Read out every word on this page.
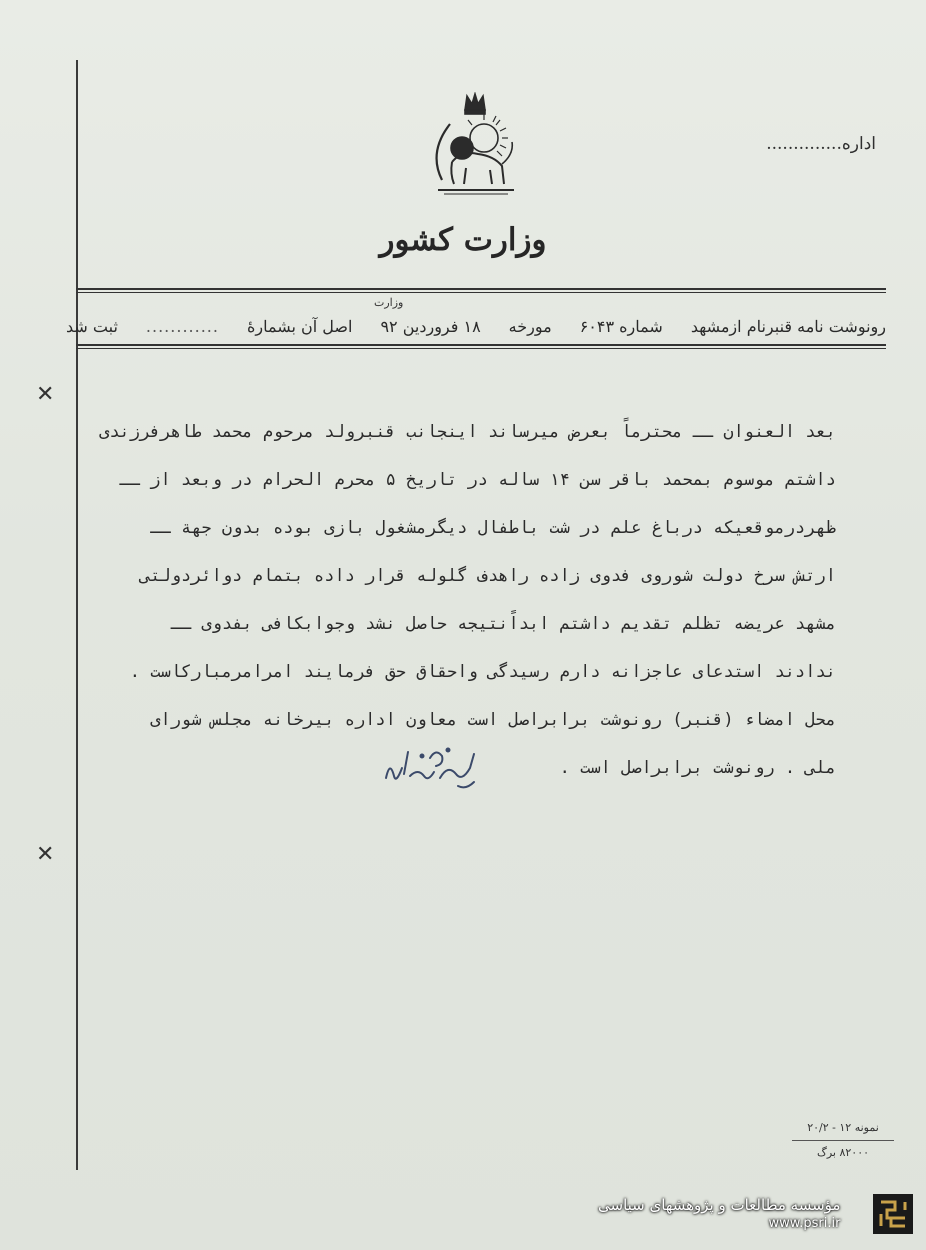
✕
✕
اداره..............
وزارت کشور
وزارت
رونوشت نامه قنبرنام ازمشهد
شماره ۶۰۴۳
مورخه
۱۸ فروردین ۹۲
اصل آن بشمارهٔ
............
ثبت شد
بعد العنوان ــ محترماً بعرض میرساند اینجانب قنبرولد مرحوم محمد طاهرفرزندی
داشتم موسوم بمحمد باقر سن ۱۴ ساله در تاریخ ۵ محرم الحرام در وبعد از ــ
ظهردرموقعیکه درباغ علم در شت باطفال دیگرمشغول بازی بوده بدون جهة ــ
ارتش سرخ دولت شوروی فدوی زاده راهدف گلوله قرار داده بتمام دوائردولتی
مشهد عریضه تظلم تقدیم داشتم ابداًنتیجه حاصل نشد وجوابکافی بفدوی ــ
ندادند استدعای عاجزانه دارم رسیدگی واحقاق حق فرمایند امرامرمبارکاست .
محل امضاء (قنبر) رونوشت برابراصل است معاون اداره بیرخانه مجلس شورای
ملی . رونوشت برابراصل است .
نمونه ۱۲ - ۲۰/۲
۸۲۰۰۰ برگ
مؤسسه مطالعات و پژوهشهای سیاسی
www.psri.ir
